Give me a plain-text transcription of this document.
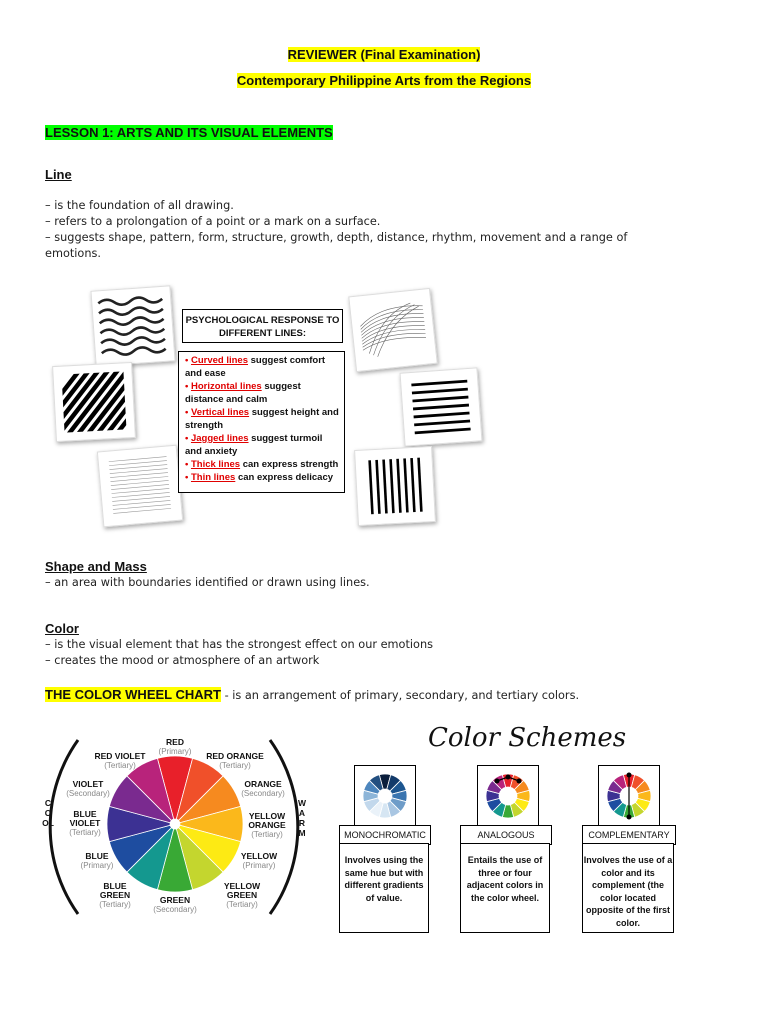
REVIEWER (Final Examination)
Contemporary Philippine Arts from the Regions
LESSON 1: ARTS AND ITS VISUAL ELEMENTS
Line
– is the foundation of all drawing.
– refers to a prolongation of a point or a mark on a surface.
– suggests shape, pattern, form, structure, growth, depth, distance, rhythm, movement and a range of
emotions.
PSYCHOLOGICAL RESPONSE TO DIFFERENT LINES:
• Curved lines suggest comfort and ease
• Horizontal lines suggest distance and calm
• Vertical lines suggest height and strength
• Jagged lines suggest turmoil and anxiety
• Thick lines can express strength
• Thin lines can express delicacy
Shape and Mass
– an area with boundaries identified or drawn using lines.
Color
– is the visual element that has the strongest effect on our emotions
– creates the mood or atmosphere of an artwork
THE COLOR WHEEL CHART - is an arrangement of primary, secondary, and tertiary colors.
RED
(Primary)	RED ORANGE
(Tertiary)
ORANGE
(Secondary)
YELLOW ORANGE
(Tertiary)
YELLOW
(Primary)
YELLOW GREEN
(Tertiary)
GREEN
(Secondary)
BLUE GREEN
(Tertiary)
BLUE
(Primary)
BLUE VIOLET
(Tertiary)
VIOLET
(Secondary)
RED VIOLET
(Tertiary)
COOL
WARM
Color Schemes
MONOCHROMATIC
Involves using the same hue but with different gradients of value.
ANALOGOUS
Entails the use of three or four adjacent colors in the color wheel.
COMPLEMENTARY
Involves the use of a color and its complement (the color located opposite of the first color.
